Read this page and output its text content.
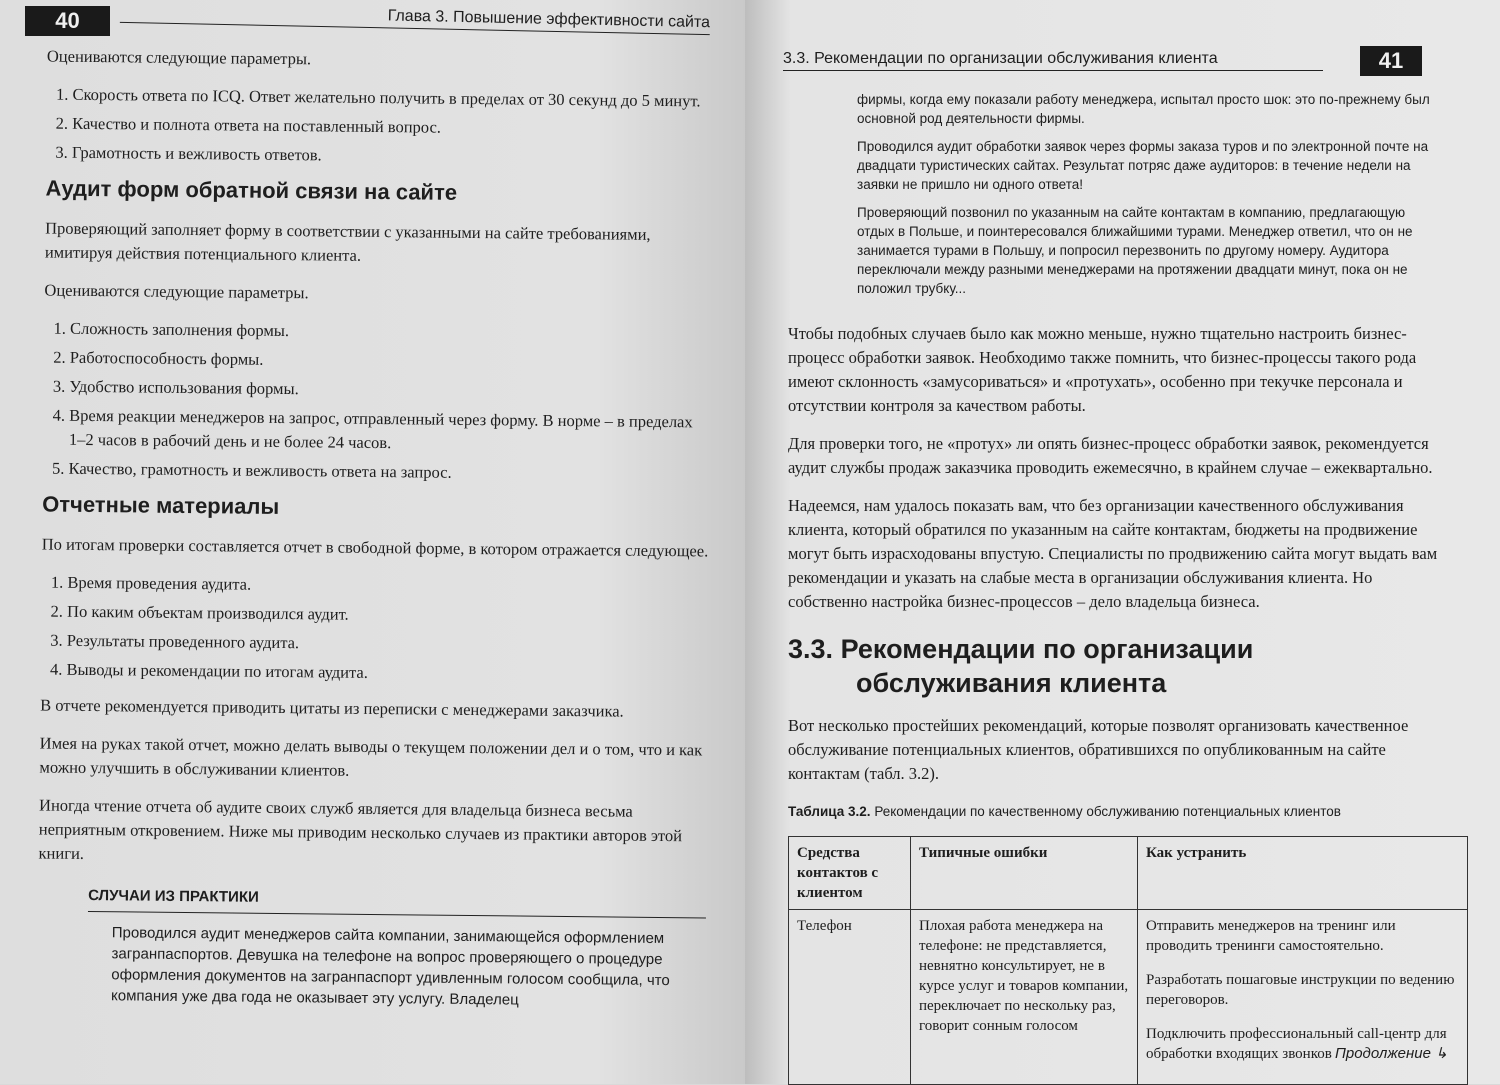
40	Глава 3. Повышение эффективности сайта

Оцениваются следующие параметры.

1. Скорость ответа по ICQ. Ответ желательно получить в пределах от 30 секунд до 5 минут.
2. Качество и полнота ответа на поставленный вопрос.
3. Грамотность и вежливость ответов.
Аудит форм обратной связи на сайте

Проверяющий заполняет форму в соответствии с указанными на сайте требованиями, имитируя действия потенциального клиента.

Оцениваются следующие параметры.

1. Сложность заполнения формы.
2. Работоспособность формы.
3. Удобство использования формы.
4. Время реакции менеджеров на запрос, отправленный через форму. В норме – в пределах 1–2 часов в рабочий день и не более 24 часов.
5. Качество, грамотность и вежливость ответа на запрос.
Отчетные материалы

По итогам проверки составляется отчет в свободной форме, в котором отражается следующее.

1. Время проведения аудита.
2. По каким объектам производился аудит.
3. Результаты проведенного аудита.
4. Выводы и рекомендации по итогам аудита.

В отчете рекомендуется приводить цитаты из переписки с менеджерами заказчика.

Имея на руках такой отчет, можно делать выводы о текущем положении дел и о том, что и как можно улучшить в обслуживании клиентов.

Иногда чтение отчета об аудите своих служб является для владельца бизнеса весьма неприятным откровением. Ниже мы приводим несколько случаев из практики авторов этой книги.

СЛУЧАИ ИЗ ПРАКТИКИ
Проводился аудит менеджеров сайта компании, занимающейся оформлением загранпаспортов. Девушка на телефоне на вопрос проверяющего о процедуре оформления документов на загранпаспорт удивленным голосом сообщила, что компания уже два года не оказывает эту услугу. Владелец
3.3. Рекомендации по организации обслуживания клиента	41

фирмы, когда ему показали работу менеджера, испытал просто шок: это по-прежнему был основной род деятельности фирмы.

Проводился аудит обработки заявок через формы заказа туров и по электронной почте на двадцати туристических сайтах. Результат потряс даже аудиторов: в течение недели на заявки не пришло ни одного ответа!

Проверяющий позвонил по указанным на сайте контактам в компанию, предлагающую отдых в Польше, и поинтересовался ближайшими турами. Менеджер ответил, что он не занимается турами в Польшу, и попросил перезвонить по другому номеру. Аудитора переключали между разными менеджерами на протяжении двадцати минут, пока он не положил трубку...

Чтобы подобных случаев было как можно меньше, нужно тщательно настроить бизнес-процесс обработки заявок. Необходимо также помнить, что бизнес-процессы такого рода имеют склонность «замусориваться» и «протухать», особенно при текучке персонала и отсутствии контроля за качеством работы.

Для проверки того, не «протух» ли опять бизнес-процесс обработки заявок, рекомендуется аудит службы продаж заказчика проводить ежемесячно, в крайнем случае – ежеквартально.

Надеемся, нам удалось показать вам, что без организации качественного обслуживания клиента, который обратился по указанным на сайте контактам, бюджеты на продвижение могут быть израсходованы впустую. Специалисты по продвижению сайта могут выдать вам рекомендации и указать на слабые места в организации обслуживания клиента. Но собственно настройка бизнес-процессов – дело владельца бизнеса.

3.3. Рекомендации по организации
обслуживания клиента

Вот несколько простейших рекомендаций, которые позволят организовать качественное обслуживание потенциальных клиентов, обратившихся по опубликованным на сайте контактам (табл. 3.2).

Таблица 3.2. Рекомендации по качественному обслуживанию потенциальных клиентов
Средства контактов с клиентом	Типичные ошибки	Как устранить
Телефон	Плохая работа менеджера на телефоне: не представляется, невнятно консультирует, не в курсе услуг и товаров компании, переключает по нескольку раз, говорит сонным голосом	Отправить менеджеров на тренинг или проводить тренинги самостоятельно.

Разработать пошаговые инструкции по ведению переговоров.

Подключить профессиональный call-центр для обработки входящих звонков Продолжение ↳
